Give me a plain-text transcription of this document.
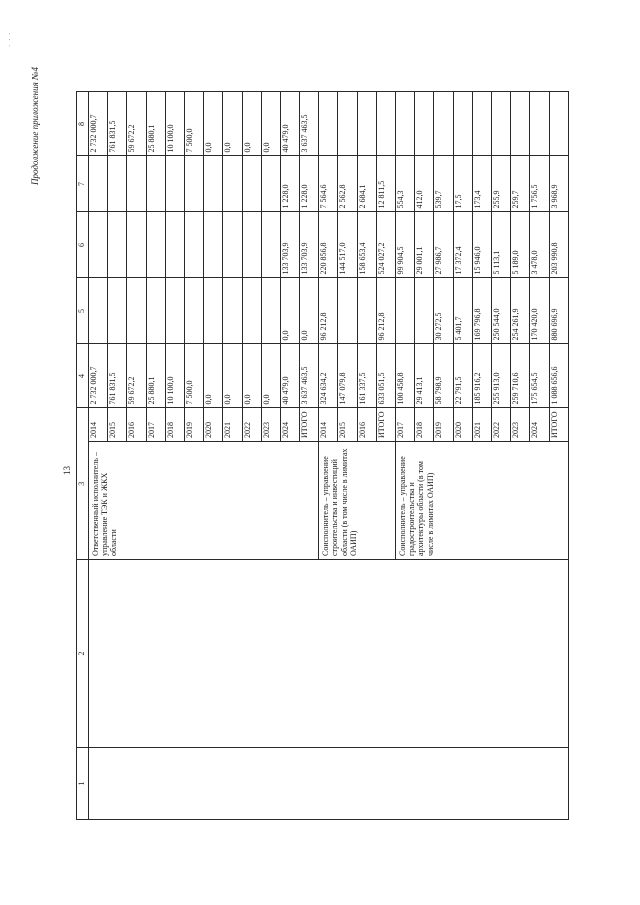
· · ·
13
Продолжение приложения №4
1	2	3		4	5	6	7	8
		Ответственный исполнитель – управление ТЭК и ЖКХ области	2014	2 732 000,7				2 732 000,7
			2015	761 831,5				761 831,5
			2016	59 672,2				59 672,2
			2017	25 880,1				25 880,1
			2018	10 100,0				10 100,0
			2019	7 500,0				7 500,0
			2020	0,0				0,0
			2021	0,0				0,0
			2022	0,0				0,0
			2023	0,0				0,0
			2024	40 479,0	0,0	133 703,9	1 228,0	40 479,0
			ИТОГО	3 637 463,5	0,0	133 703,9	1 228,0	3 637 463,5
		Соисполнитель – управление строительства и инвестиций области (в том числе в лимитах ОАИП)	2014	324 634,2	96 212,8	220 856,8	7 564,6	
			2015	147 079,8		144 517,0	2 562,8	
			2016	161 337,5		158 653,4	2 684,1	
			ИТОГО	633 051,5	96 212,8	524 027,2	12 811,5	
		Соисполнитель – управление градостроительства и архитектуры области (в том числе в лимитах ОАИП)	2017	100 458,8		99 904,5	554,3	
			2018	29 413,1		29 001,1	412,0	
			2019	58 798,9	30 272,5	27 986,7	539,7	
			2020	22 791,5	5 401,7	17 372,4	17,5	
			2021	185 916,2	169 796,8	15 946,0	173,4	
			2022	255 913,0	250 544,0	5 113,1	255,9	
			2023	259 710,6	254 261,9	5 189,0	259,7	
			2024	175 654,5	170 420,0	3 478,0	1 756,5	
			ИТОГО	1 088 656,6	880 696,9	203 990,8	3 968,9	
